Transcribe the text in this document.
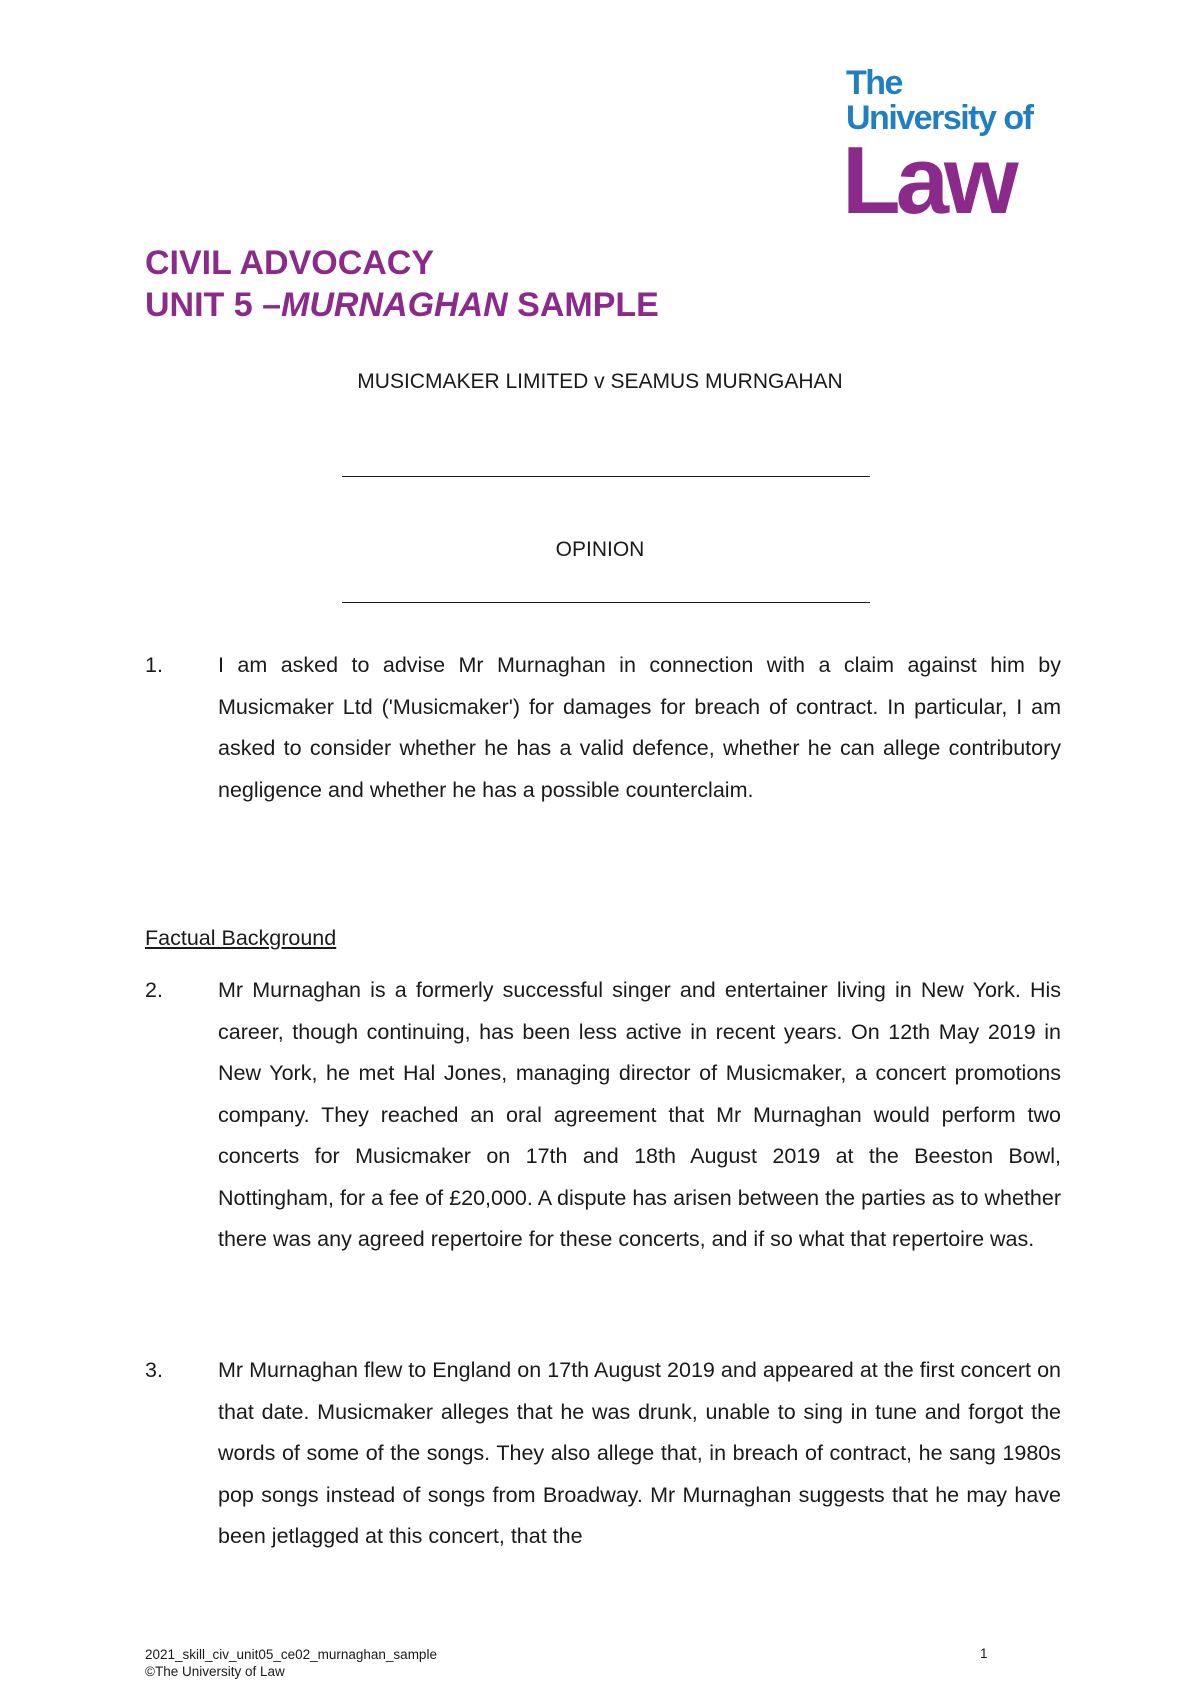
The
University of
Law
CIVIL ADVOCACY
UNIT 5 –MURNAGHAN SAMPLE
MUSICMAKER LIMITED v SEAMUS MURNGAHAN
OPINION
1.	I am asked to advise Mr Murnaghan in connection with a claim against him by Musicmaker Ltd ('Musicmaker') for damages for breach of contract. In particular, I am asked to consider whether he has a valid defence, whether he can allege contributory negligence and whether he has a possible counterclaim.
Factual Background
2.	Mr Murnaghan is a formerly successful singer and entertainer living in New York. His career, though continuing, has been less active in recent years. On 12th May 2019 in New York, he met Hal Jones, managing director of Musicmaker, a concert promotions company. They reached an oral agreement that Mr Murnaghan would perform two concerts for Musicmaker on 17th and 18th August 2019 at the Beeston Bowl, Nottingham, for a fee of £20,000. A dispute has arisen between the parties as to whether there was any agreed repertoire for these concerts, and if so what that repertoire was.
3.	Mr Murnaghan flew to England on 17th August 2019 and appeared at the first concert on that date. Musicmaker alleges that he was drunk, unable to sing in tune and forgot the words of some of the songs. They also allege that, in breach of contract, he sang 1980s pop songs instead of songs from Broadway. Mr Murnaghan suggests that he may have been jetlagged at this concert, that the
2021_skill_civ_unit05_ce02_murnaghan_sample
©The University of Law
1
